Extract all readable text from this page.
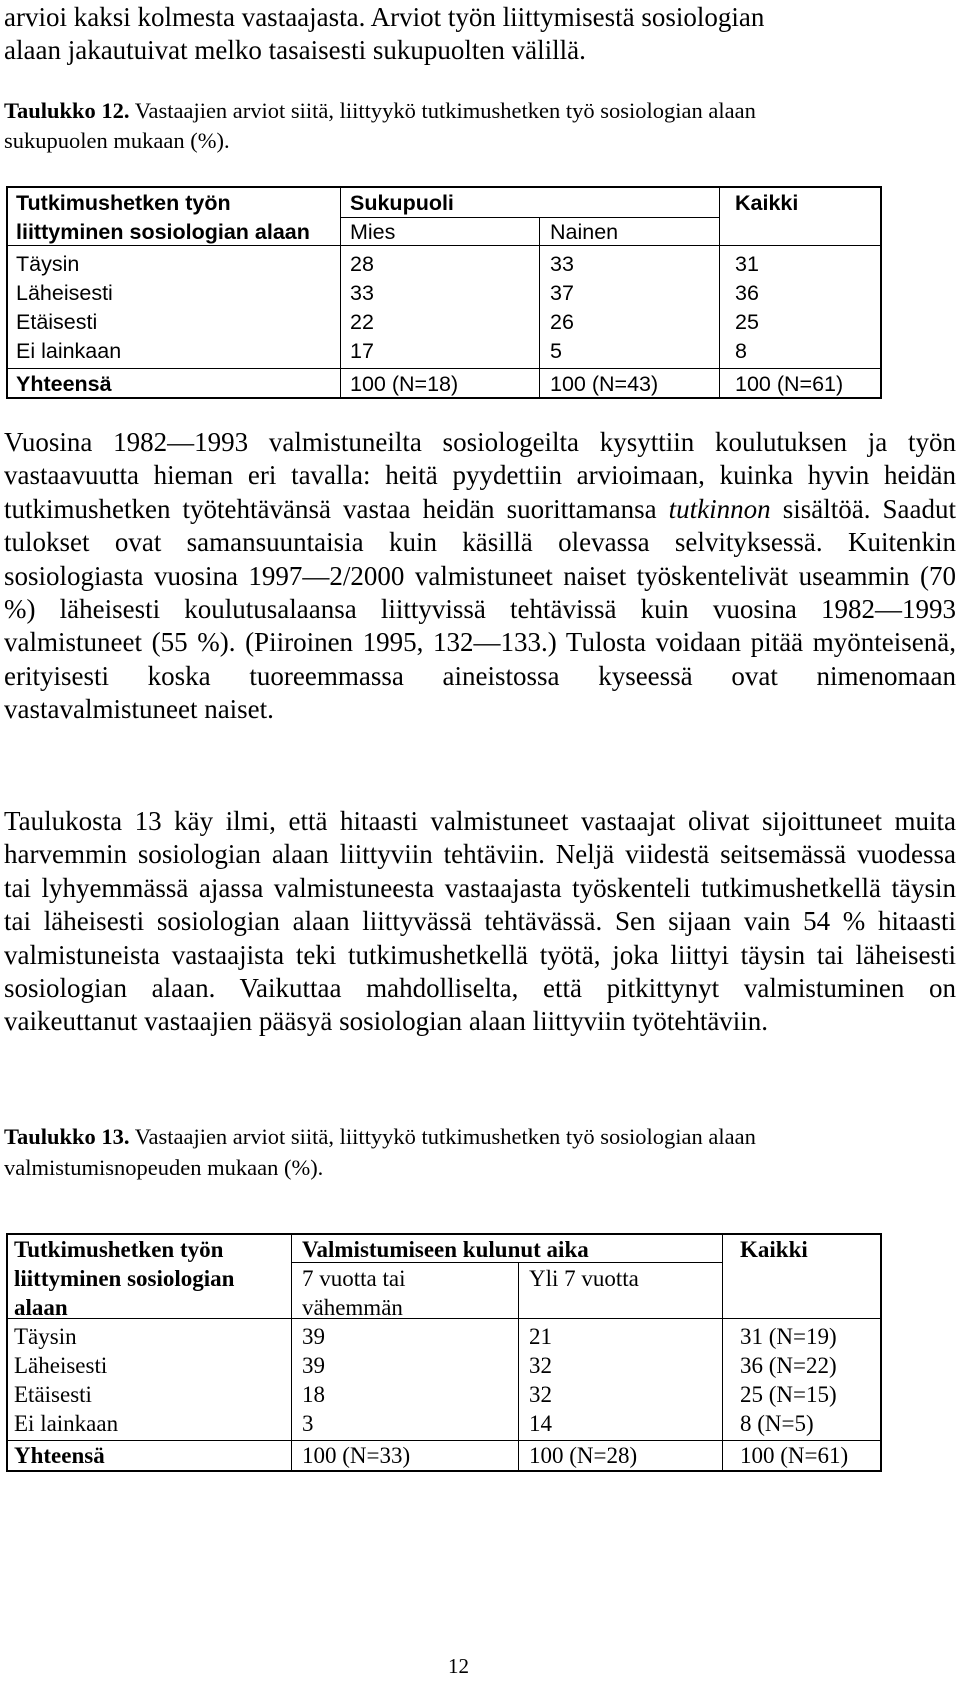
arvioi kaksi kolmesta vastaajasta. Arviot työn liittymisestä sosiologian
alaan jakautuivat melko tasaisesti sukupuolten välillä.
Taulukko 12. Vastaajien arviot siitä, liittyykö tutkimushetken työ sosiologian alaan
sukupuolen mukaan (%).
Tutkimushetken työn
liittyminen sosiologian alaan
Sukupuoli	Kaikki
Mies	Nainen
Täysin	28	33	31
Läheisesti	33	37	36
Etäisesti	22	26	25
Ei lainkaan	17	5	8
Yhteensä	100 (N=18)	100 (N=43)	100 (N=61)
Vuosina 1982—1993 valmistuneilta sosiologeilta kysyttiin koulutuksen ja työn vastaavuutta hieman eri tavalla: heitä pyydettiin arvioimaan, kuinka hyvin heidän tutkimushetken työtehtävänsä vastaa heidän suorittamansa tutkinnon sisältöä. Saadut tulokset ovat samansuuntaisia kuin käsillä olevassa selvityksessä. Kuitenkin sosiologiasta vuosina 1997—2/2000 valmistuneet naiset työskentelivät useammin (70 %) läheisesti koulutusalaansa liittyvissä tehtävissä kuin vuosina 1982—1993 valmistuneet (55 %). (Piiroinen 1995, 132—133.) Tulosta voidaan pitää myönteisenä, erityisesti koska tuoreemmassa aineistossa kyseessä ovat nimenomaan vastavalmistuneet naiset.
Taulukosta 13 käy ilmi, että hitaasti valmistuneet vastaajat olivat sijoittuneet muita harvemmin sosiologian alaan liittyviin tehtäviin. Neljä viidestä seitsemässä vuodessa tai lyhyemmässä ajassa valmistuneesta vastaajasta työskenteli tutkimushetkellä täysin tai läheisesti sosiologian alaan liittyvässä tehtävässä. Sen sijaan vain 54 % hitaasti valmistuneista vastaajista teki tutkimushetkellä työtä, joka liittyi täysin tai läheisesti sosiologian alaan. Vaikuttaa mahdolliselta, että pitkittynyt valmistuminen on vaikeuttanut vastaajien pääsyä sosiologian alaan liittyviin työtehtäviin.
Taulukko 13. Vastaajien arviot siitä, liittyykö tutkimushetken työ sosiologian alaan
valmistumisnopeuden mukaan (%).
Tutkimushetken työn
liittyminen sosiologian
alaan
Valmistumiseen kulunut aika	Kaikki
7 vuotta tai
vähemmän
Yli 7 vuotta
Täysin	39	21	31 (N=19)
Läheisesti	39	32	36 (N=22)
Etäisesti	18	32	25 (N=15)
Ei lainkaan	3	14	8 (N=5)
Yhteensä	100 (N=33)	100 (N=28)	100 (N=61)
12
